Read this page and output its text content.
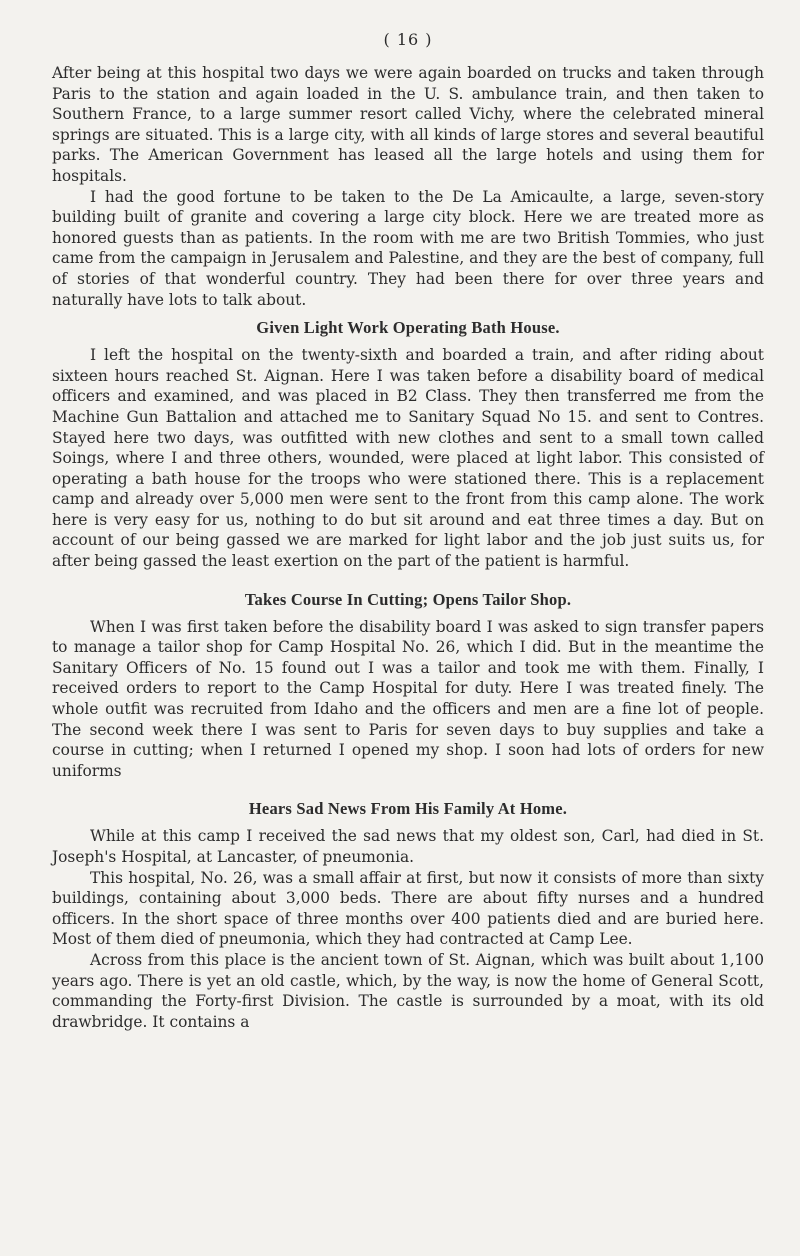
( 16 )

After being at this hospital two days we were again boarded on trucks and taken through Paris to the station and again loaded in the U. S. ambulance train, and then taken to Southern France, to a large summer resort called Vichy, where the celebrated mineral springs are situated. This is a large city, with all kinds of large stores and several beautiful parks. The American Government has leased all the large hotels and using them for hospitals.

I had the good fortune to be taken to the De La Amicaulte, a large, seven-story building built of granite and covering a large city block. Here we are treated more as honored guests than as patients. In the room with me are two British Tommies, who just came from the campaign in Jerusalem and Palestine, and they are the best of company, full of stories of that wonderful country. They had been there for over three years and naturally have lots to talk about.

Given Light Work Operating Bath House.

I left the hospital on the twenty-sixth and boarded a train, and after riding about sixteen hours reached St. Aignan. Here I was taken before a disability board of medical officers and examined, and was placed in B2 Class. They then transferred me from the Machine Gun Battalion and attached me to Sanitary Squad No 15. and sent to Contres. Stayed here two days, was outfitted with new clothes and sent to a small town called Soings, where I and three others, wounded, were placed at light labor. This consisted of operating a bath house for the troops who were stationed there. This is a replacement camp and already over 5,000 men were sent to the front from this camp alone. The work here is very easy for us, nothing to do but sit around and eat three times a day. But on account of our being gassed we are marked for light labor and the job just suits us, for after being gassed the least exertion on the part of the patient is harmful.

Takes Course In Cutting; Opens Tailor Shop.

When I was first taken before the disability board I was asked to sign transfer papers to manage a tailor shop for Camp Hospital No. 26, which I did. But in the meantime the Sanitary Officers of No. 15 found out I was a tailor and took me with them. Finally, I received orders to report to the Camp Hospital for duty. Here I was treated finely. The whole outfit was recruited from Idaho and the officers and men are a fine lot of people. The second week there I was sent to Paris for seven days to buy supplies and take a course in cutting; when I returned I opened my shop. I soon had lots of orders for new uniforms

Hears Sad News From His Family At Home.

While at this camp I received the sad news that my oldest son, Carl, had died in St. Joseph's Hospital, at Lancaster, of pneumonia.

This hospital, No. 26, was a small affair at first, but now it consists of more than sixty buildings, containing about 3,000 beds. There are about fifty nurses and a hundred officers. In the short space of three months over 400 patients died and are buried here. Most of them died of pneumonia, which they had contracted at Camp Lee.

Across from this place is the ancient town of St. Aignan, which was built about 1,100 years ago. There is yet an old castle, which, by the way, is now the home of General Scott, commanding the Forty-first Division. The castle is surrounded by a moat, with its old drawbridge. It contains a
